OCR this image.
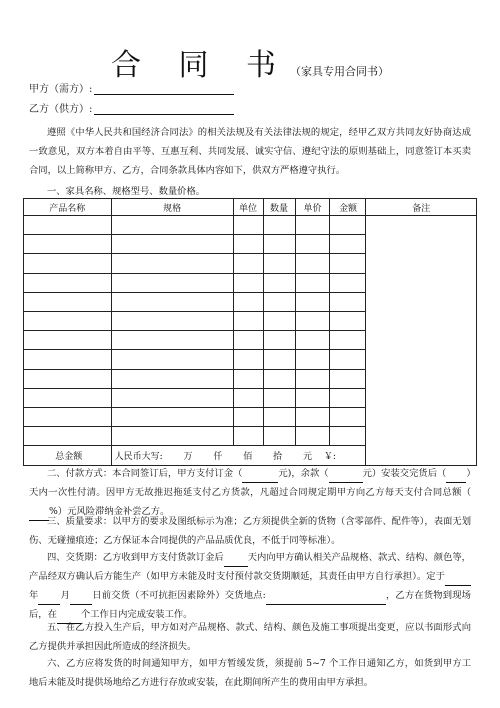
合 同 书（家具专用合同书）
甲方（需方）:
乙方（供方）:
遵照《中华人民共和国经济合同法》的相关法规及有关法律法规的规定，经甲乙双方共同友好协商达成一致意见，双方本着自由平等、互惠互利、共同发展、诚实守信、遵纪守法的原则基础上，同意签订本买卖合同，以上简称甲方、乙方，合同条款具体内容如下，供双方严格遵守执行。
一、家具名称、规格型号、数量价格。
产品名称	规格	单位	数量	单价	金额	备注

总金额	人民币大写:　　 万　　 仟　　 佰　　 拾　　 元　 ￥:					
二、付款方式：本合同签订后，甲方支付订金（	元)，余款（	元）安装交完货后（ ）天内一次性付清。因甲方无故推迟拖延支付乙方货款，凡超过合同规定期甲方向乙方每天支付合同总额（%）元风险滞纳金补尝乙方。
三、质量要求：以甲方的要求及图纸标示为准；乙方须提供全新的货物（含零部件、配件等），表面无划伤、无碰撞痕迹；乙方保证本合同提供的产品品质优良，不低于同等标准）。
四、交货期：乙方收到甲方支付货款订金后	天内向甲方确认相关产品规格、款式、结构、颜色等，产品经双方确认后方能生产（如甲方未能及时支付预付款交货期顺延，其责任由甲方自行承担）。定于年 月 日前交货（不可抗拒因素除外）交货地点:	，乙方在货物到现场后，在	个工作日内完成安装工作。
五、在乙方投入生产后，甲方如对产品规格、款式、结构、颜色及施工事项提出变更，应以书面形式向乙方提供并承担因此所造成的经济损失。
六、乙方应将发货的时间通知甲方，如甲方暂缓发货，须提前 5~7 个工作日通知乙方，如货到甲方工地后未能及时提供场地给乙方进行存放或安装，在此期间所产生的费用由甲方承担。
